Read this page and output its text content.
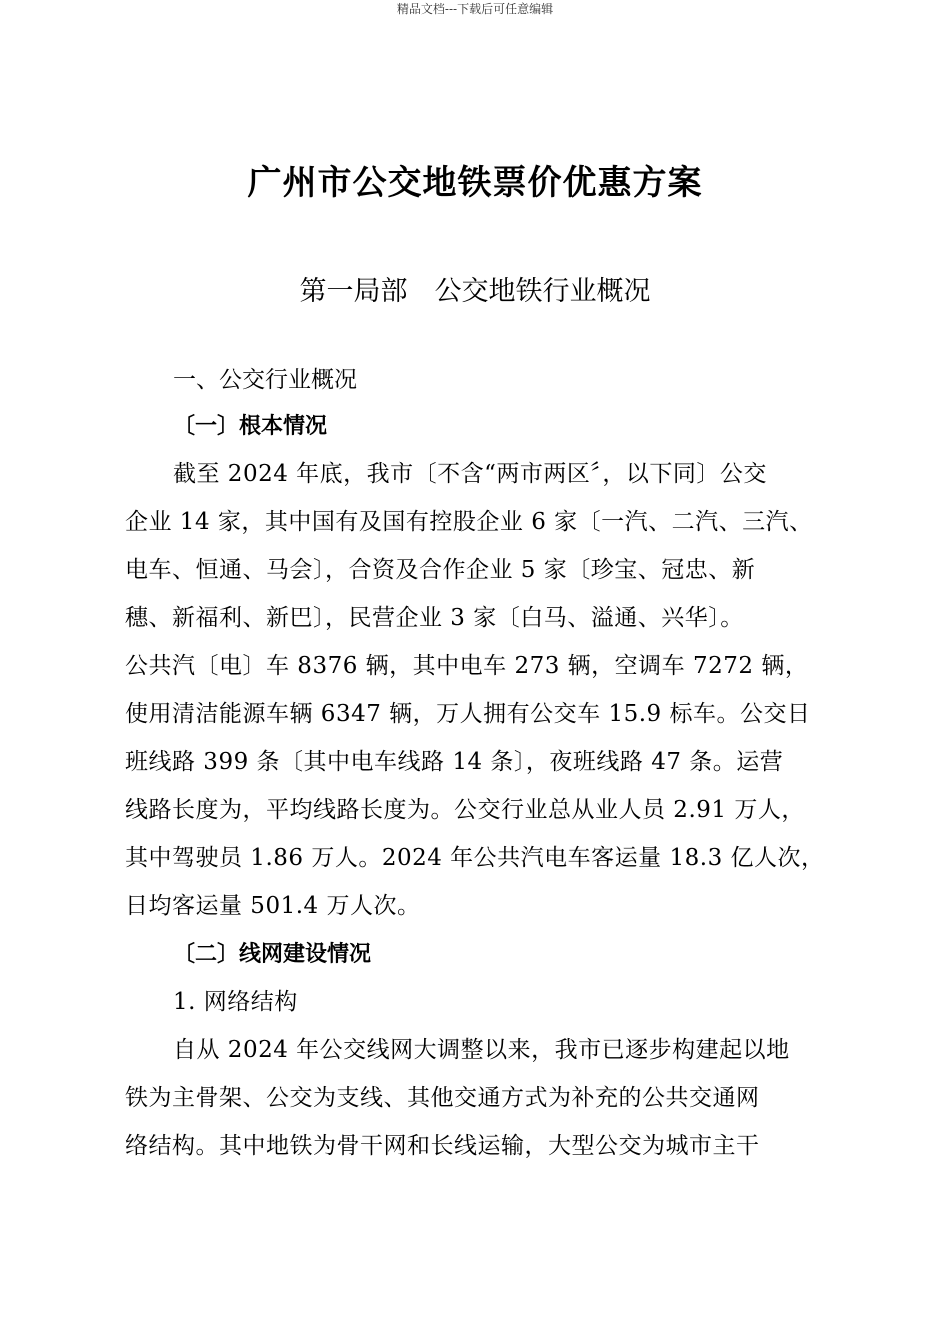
精品文档---下载后可任意编辑
广州市公交地铁票价优惠方案
第一局部　公交地铁行业概况

一、公交行业概况

〔一〕根本情况

截至 2024 年底，我市〔不含“两市两区〞，以下同〕公交

企业 14 家，其中国有及国有控股企业 6 家〔一汽、二汽、三汽、

电车、恒通、马会〕，合资及合作企业 5 家〔珍宝、冠忠、新

穗、新福利、新巴〕，民营企业 3 家〔白马、溢通、兴华〕。

公共汽〔电〕车 8376 辆，其中电车 273 辆，空调车 7272 辆，

使用清洁能源车辆 6347 辆，万人拥有公交车 15.9 标车。公交日

班线路 399 条〔其中电车线路 14 条〕，夜班线路 47 条。运营

线路长度为，平均线路长度为。公交行业总从业人员 2.91 万人，

其中驾驶员 1.86 万人。2024 年公共汽电车客运量 18.3 亿人次，

日均客运量 501.4 万人次。

〔二〕线网建设情况

1. 网络结构

自从 2024 年公交线网大调整以来，我市已逐步构建起以地

铁为主骨架、公交为支线、其他交通方式为补充的公共交通网

络结构。其中地铁为骨干网和长线运输，大型公交为城市主干
